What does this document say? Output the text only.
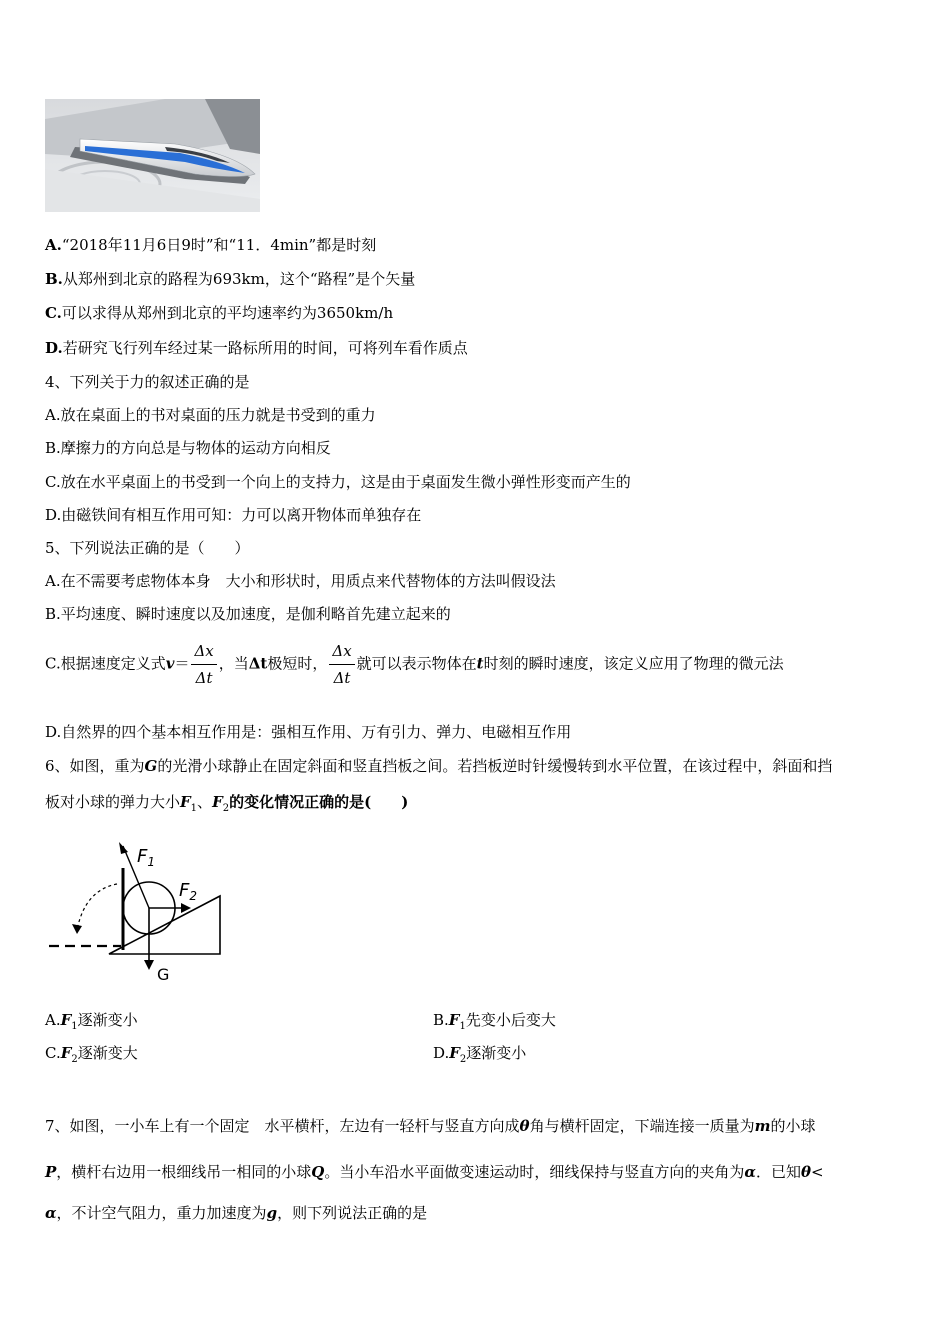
A.“2018年11月6日9时”和“11．4min”都是时刻
B.从郑州到北京的路程为693km，这个“路程”是个矢量
C.可以求得从郑州到北京的平均速率约为3650km/h
D.若研究飞行列车经过某一路标所用的时间，可将列车看作质点
4、下列关于力的叙述正确的是
A.放在桌面上的书对桌面的压力就是书受到的重力
B.摩擦力的方向总是与物体的运动方向相反
C.放在水平桌面上的书受到一个向上的支持力，这是由于桌面发生微小弹性形变而产生的
D.由磁铁间有相互作用可知：力可以离开物体而单独存在
5、下列说法正确的是（　　）
A.在不需要考虑物体本身　大小和形状时，用质点来代替物体的方法叫假设法
B.平均速度、瞬时速度以及加速度，是伽利略首先建立起来的
C.根据速度定义式$v= \frac{\Delta x}{\Delta t}$ ，当Δt极短时， $\frac{\Delta x}{\Delta t}$ 就可以表示物体在t时刻的瞬时速度，该定义应用了物理的微元法
D.自然界的四个基本相互作用是：强相互作用、万有引力、弹力、电磁相互作用
6、如图，重为G的光滑小球静止在固定斜面和竖直挡板之间。若挡板逆时针缓慢转到水平位置，在该过程中，斜面和挡
板对小球的弹力大小$F_1$、$F_2$的变化情况正确的是(　　)
$F_1$
$F_2$
G
$A.F_1$逐渐变小	$B.F_1$先变小后变大
$C.F_2$逐渐变大	$D.F_2$逐渐变小
7、如图，一小车上有一个固定　水平横杆，左边有一轻杆与竖直方向成θ角与横杆固定，下端连接一质量为m的小球
P，横杆右边用一根细线吊一相同的小球Q。当小车沿水平面做变速运动时，细线保持与竖直方向的夹角为α．已知θ<
α，不计空气阻力，重力加速度为g，则下列说法正确的是
